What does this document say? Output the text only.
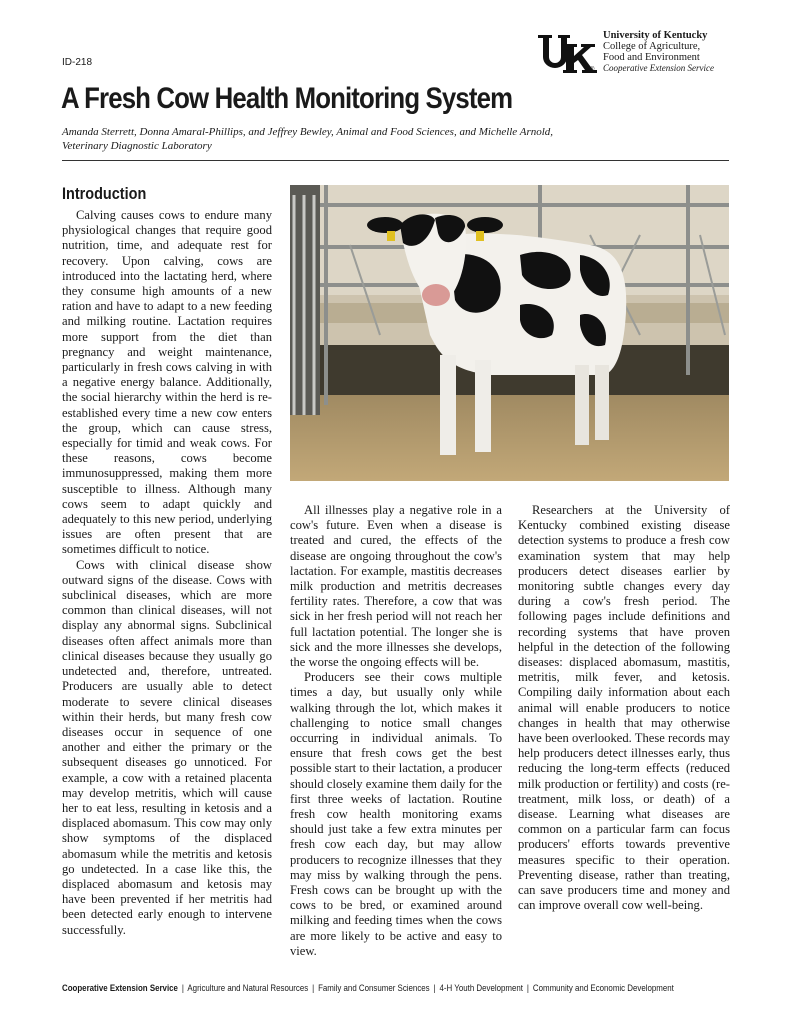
ID-218
®
University of Kentucky
College of Agriculture,
Food and Environment
Cooperative Extension Service
A Fresh Cow Health Monitoring System
Amanda Sterrett, Donna Amaral-Phillips, and Jeffrey Bewley, Animal and Food Sciences, and Michelle Arnold, Veterinary Diagnostic Laboratory
Introduction

Calving causes cows to endure many physiological changes that require good nutrition, time, and adequate rest for recovery. Upon calving, cows are introduced into the lactating herd, where they consume high amounts of a new ration and have to adapt to a new feeding and milking routine. Lactation requires more support from the diet than pregnancy and weight maintenance, particularly in fresh cows calving in with a negative energy balance. Additionally, the social hierarchy within the herd is re-established every time a new cow enters the group, which can cause stress, especially for timid and weak cows. For these reasons, cows become immunosuppressed, making them more susceptible to illness. Although many cows seem to adapt quickly and adequately to this new period, underlying issues are often present that are sometimes difficult to notice.

Cows with clinical disease show outward signs of the disease. Cows with subclinical diseases, which are more common than clinical diseases, will not display any abnormal signs. Subclinical diseases often affect animals more than clinical diseases because they usually go undetected and, therefore, untreated. Producers are usually able to detect moderate to severe clinical diseases within their herds, but many fresh cow diseases occur in sequence of one another and either the primary or the subsequent diseases go unnoticed. For example, a cow with a retained placenta may develop metritis, which will cause her to eat less, resulting in ketosis and a displaced abomasum. This cow may only show symptoms of the displaced abomasum while the metritis and ketosis go undetected. In a case like this, the displaced abomasum and ketosis may have been prevented if her metritis had been detected early enough to intervene successfully.

All illnesses play a negative role in a cow's future. Even when a disease is treated and cured, the effects of the disease are ongoing throughout the cow's lactation. For example, mastitis decreases milk production and metritis decreases fertility rates. Therefore, a cow that was sick in her fresh period will not reach her full lactation potential. The longer she is sick and the more illnesses she develops, the worse the ongoing effects will be.

Producers see their cows multiple times a day, but usually only while walking through the lot, which makes it challenging to notice small changes occurring in individual animals. To ensure that fresh cows get the best possible start to their lactation, a producer should closely examine them daily for the first three weeks of lactation. Routine fresh cow health monitoring exams should just take a few extra minutes per fresh cow each day, but may allow producers to recognize illnesses that they may miss by walking through the pens. Fresh cows can be brought up with the cows to be bred, or examined around milking and feeding times when the cows are more likely to be active and easy to view.

Researchers at the University of Kentucky combined existing disease detection systems to produce a fresh cow examination system that may help producers detect diseases earlier by monitoring subtle changes every day during a cow's fresh period. The following pages include definitions and recording systems that have proven helpful in the detection of the following diseases: displaced abomasum, mastitis, metritis, milk fever, and ketosis. Compiling daily information about each animal will enable producers to notice changes in health that may otherwise have been overlooked. These records may help producers detect illnesses early, thus reducing the long-term effects (reduced milk production or fertility) and costs (re-treatment, milk loss, or death) of a disease. Learning what diseases are common on a particular farm can focus producers' efforts towards preventive measures specific to their operation. Preventing disease, rather than treating, can save producers time and money and can improve overall cow well-being.

Cooperative Extension Service | Agriculture and Natural Resources | Family and Consumer Sciences | 4-H Youth Development | Community and Economic Development
